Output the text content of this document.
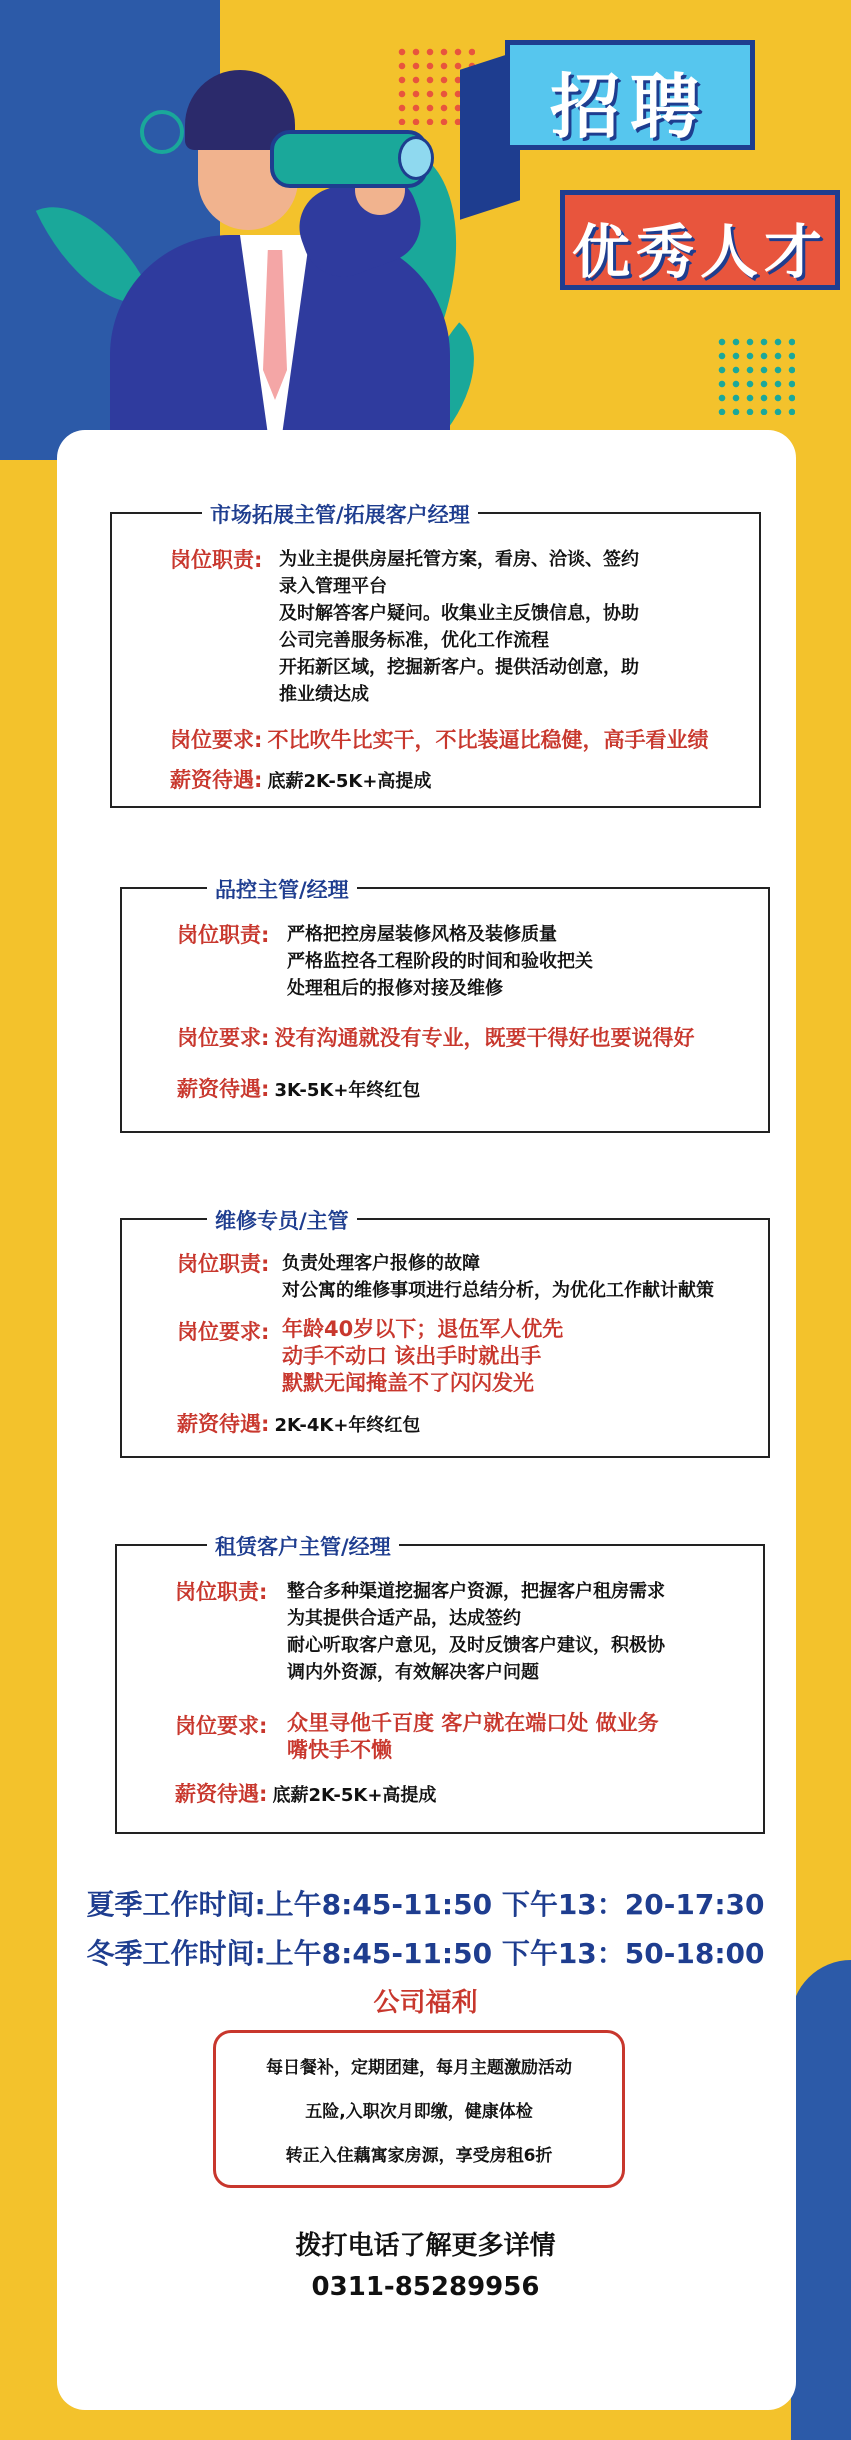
招聘
优秀人才
市场拓展主管/拓展客户经理
岗位职责: 为业主提供房屋托管方案，看房、洽谈、签约
录入管理平台
及时解答客户疑问。收集业主反馈信息，协助
公司完善服务标准，优化工作流程
开拓新区域，挖掘新客户。提供活动创意，助
推业绩达成
岗位要求: 不比吹牛比实干，不比装逼比稳健，高手看业绩
薪资待遇: 底薪2K-5K+高提成
品控主管/经理
岗位职责: 严格把控房屋装修风格及装修质量
严格监控各工程阶段的时间和验收把关
处理租后的报修对接及维修
岗位要求: 没有沟通就没有专业，既要干得好也要说得好
薪资待遇: 3K-5K+年终红包
维修专员/主管
岗位职责: 负责处理客户报修的故障
对公寓的维修事项进行总结分析，为优化工作献计献策
岗位要求: 年龄40岁以下；退伍军人优先
动手不动口 该出手时就出手
默默无闻掩盖不了闪闪发光
薪资待遇: 2K-4K+年终红包
租赁客户主管/经理
岗位职责: 整合多种渠道挖掘客户资源，把握客户租房需求
为其提供合适产品，达成签约
耐心听取客户意见，及时反馈客户建议，积极协
调内外资源，有效解决客户问题
岗位要求: 众里寻他千百度 客户就在端口处 做业务
嘴快手不懒
薪资待遇: 底薪2K-5K+高提成
夏季工作时间:上午8:45-11:50 下午13：20-17:30
冬季工作时间:上午8:45-11:50 下午13：50-18:00
公司福利
每日餐补，定期团建，每月主题激励活动
五险,入职次月即缴，健康体检
转正入住藕寓家房源，享受房租6折
拨打电话了解更多详情
0311-85289956
